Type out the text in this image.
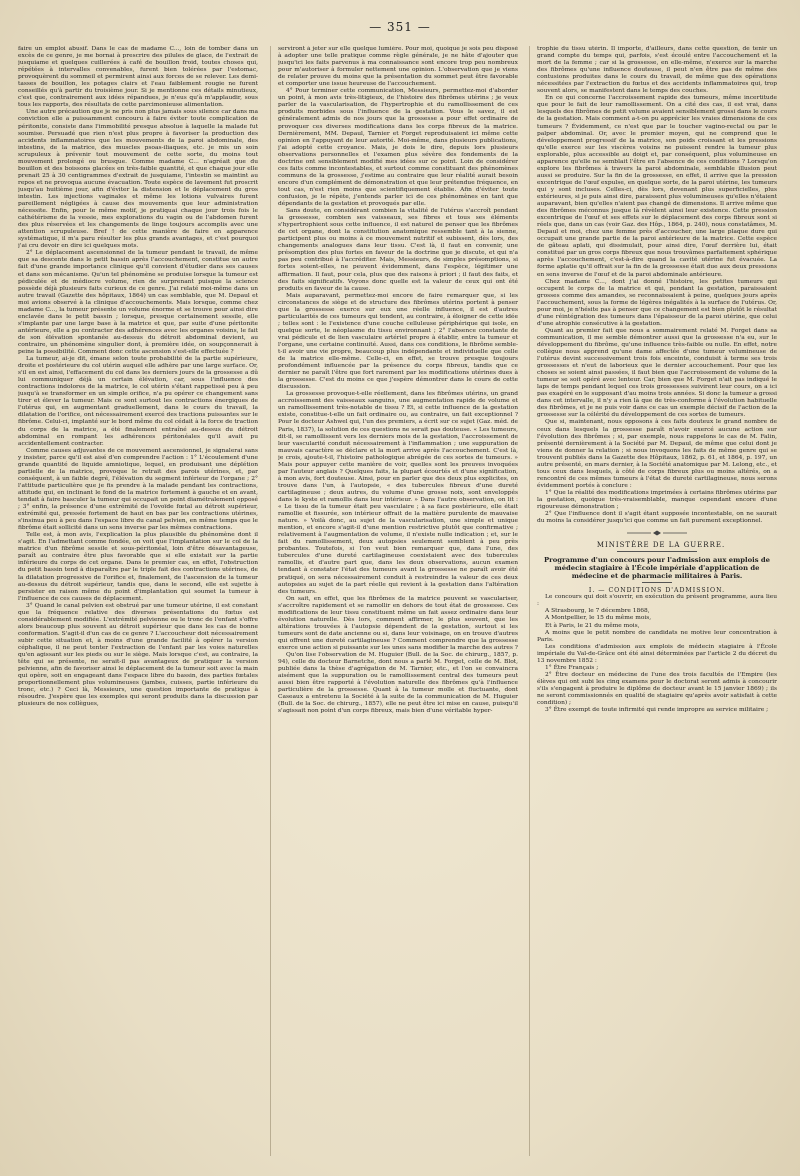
— 351 —

faire un emploi abusif. Dans le cas de madame C..., loin de tomber dans un excès de ce genre, je me bornai à prescrire des pilules de glace, de l'extrait de jusquiame et quelques cuillerées à café de bouillon froid, toutes choses qui, répétées à intervalles convenables, furent bien tolérées par l'estomac, provoquèrent du sommeil et permirent ainsi aux forces de se relever. Les demi-tasses de bouillon, les potages clairs et l'eau faiblement rougie ne furent conseillés qu'à partir du troisième jour. Si je mentionne ces détails minutieux, c'est que, contrairement aux idées répandues, je n'eus qu'à m'applaudir, sous tous les rapports, des résultats de cette parcimonieuse alimentation.

Une autre précaution que je ne pris non plus jamais sous silence car dans ma conviction elle a puissamment concouru à faire éviter toute complication de péritonite, consiste dans l'immobilité presque absolue à laquelle la malade fut soumise. Persuadé que rien n'est plus propre à favoriser la production des accidents inflammatoires que les mouvements de la paroi abdominale, des intestins, de la matrice, des muscles psoas-iliaques, etc. je mis un soin scrupuleux à prévenir tout mouvement de cette sorte, du moins tout mouvement prolongé ou brusque. Comme madame C... n'agréait que du bouillon et des boissons glacées en très-faible quantité, et que chaque jour elle prenait 25 à 30 centigrammes d'extrait de jusquiame, l'intestin se maintint au repos et ne provoqua aucune évacuation. Toute espèce de lavement fut proscrit jusqu'au huitième jour, afin d'éviter la distension et le déplacement du gros intestin. Les injections vaginales et même les lotions vulvaires furent pareillement négligées à cause des mouvements que leur administration nécessite. Enfin, pour le même motif, je pratiquai chaque jour trois fois le cathétérisme de la vessie, mes explorations du vagin ou de l'abdomen furent des plus réservées et les changements de linge toujours accomplis avec une attention scrupuleuse. Bref ! de cette manière de faire en apparence systématique, il m'a paru résulter les plus grands avantages, et c'est pourquoi j'ai cru devoir en dire ici quelques mots.

2° Le déplacement ascensionnel de la tumeur pendant le travail, de même que sa descente dans le petit bassin après l'accouchement, constitue un autre fait d'une grande importance clinique qu'il convient d'étudier dans ses causes et dans son mécanisme. Qu'un tel phénomène se produise lorsque la tumeur est pédiculée et de médiocre volume, rien de surprenant puisque la science possède déjà plusieurs faits curieux de ce genre. J'ai relaté moi-même dans un autre travail (Gazette des hôpitaux, 1864) un cas semblable, que M. Depaul et moi avions observé à la clinique d'accouchements. Mais lorsque, comme chez madame C..., la tumeur présente un volume énorme et se trouve pour ainsi dire enclavée dans le petit bassin ; lorsque, presque certainement sessile, elle s'implante par une large base à la matrice et que, par suite d'une péritonite antérieure, elle a pu contracter des adhérences avec les organes voisins, le fait de son élévation spontanée au-dessus du détroit abdominal devient, au contraire, un phénomène singulier dont, à première idée, on soupçonnerait à peine la possibilité. Comment donc cette ascension s'est-elle effectuée ?

La tumeur, ai-je dit, émane selon toute probabilité de la partie supérieure, droite et postérieure du col utérin auquel elle adhère par une large surface. Or, s'il en est ainsi, l'effacement du col dans les derniers jours de la grossesse a dû lui communiquer déjà un certain élévation, car, sous l'influence des contractions indolores de la matrice, le col utérin s'étant rappetissé peu à peu jusqu'à se transformer en un simple orifice, n'a pu opérer ce changement sans tirer et élever la tumeur. Mais ce sont surtout les contractions énergiques de l'utérus qui, en augmentant graduellement, dans le cours du travail, la dilatation de l'orifice, ont nécessairement exercé des tractions puissantes sur le fibrôme. Celui-ci, implanté sur le bord même du col cédait à la force de traction du corps de la matrice, a été finalement entraîné au-dessus du détroit abdominal en rompant les adhérences péritonéales qu'il avait pu accidentellement contracter.

Comme causes adjuvantes de ce mouvement ascensionnel, je signalerai sans y insister, parce qu'il est aisé d'en comprendre l'action : 1° L'écoulement d'une grande quantité de liquide amniotique, lequel, en produisant une déplétion partielle de la matrice, provoque le retrait des parois utérines, et, par conséquent, à un faible degré, l'élévation du segment inférieur de l'organe ; 2° l'attitude particulière que je fis prendre à la malade pendant les contractions, attitude qui, en inclinant le fond de la matrice fortement à gauche et en avant, tendait à faire basculer la tumeur qui occupait un point diamétralement opposé ; 3° enfin, la présence d'une extrémité de l'ovoïde fœtal au détroit supérieur, extrémité qui, pressée fortement de haut en bas par les contractions utérines, s'insinua peu à peu dans l'espace libre du canal pelvien, en même temps que le fibrôme était sollicité dans un sens inverse par les mêmes contractions.

Telle est, à mon avis, l'explication la plus plausible du phénomène dont il s'agit. En l'admettant comme fondée, on voit que l'implantation sur le col de la matrice d'un fibrôme sessile et sous-péritonéal, loin d'être désavantageuse, paraît au contraire être plus favorable que si elle existait sur la partie inférieure du corps de cet organe. Dans le premier cas, en effet, l'obstruction du petit bassin tend à disparaître par le triple fait des contractions utérines, de la dilatation progressive de l'orifice et, finalement, de l'ascension de la tumeur au-dessus du détroit supérieur, tandis que, dans le second, elle est sujette à persister en raison même du point d'implantation qui soumet la tumeur à l'influence de ces causes de déplacement.

3° Quand le canal pelvien est obstrué par une tumeur utérine, il est constant que la fréquence relative des diverses présentations du fœtus est considérablement modifiée. L'extrémité pelvienne ou le tronc de l'enfant s'offre alors beaucoup plus souvent au détroit supérieur que dans les cas de bonne conformation. S'agit-il d'un cas de ce genre ? L'accoucheur doit nécessairement subir cette situation et, à moins d'une grande facilité à opérer la version céphalique, il ne peut tenter l'extraction de l'enfant par les voies naturelles qu'en agissant sur les pieds ou sur le siège. Mais lorsque c'est, au contraire, la tête qui se présente, ne serait-il pas avantageux de pratiquer la version pelvienne, afin de favoriser ainsi le déplacement de la tumeur soit avec la main qui opère, soit en engageant dans l'espace libre du bassin, des parties fœtales proportionnellement plus volumineuses (jambes, cuisses, partie inférieure du tronc, etc.) ? Ceci là, Messieurs, une question importante de pratique à résoudre. J'espère que les exemples qui seront produits dans la discussion par plusieurs de nos collègues,

serviront à jeter sur elle quelque lumière. Pour moi, quoique je sois peu disposé à adopter une telle pratique comme règle générale, je ne hâte d'ajouter que jusqu'ici les faits parvenus à ma connaissance sont encore trop peu nombreux pour m'autoriser à formuler nettement une opinion. L'observation que je viens de relater prouve du moins que la présentation du sommet peut être favorable et comporter une issue heureuse de l'accouchement.

4° Pour terminer cette communication, Messieurs, permettez-moi d'aborder un point, à mon avis très-litigieux, de l'histoire des fibrômes utérins ; je veux parler de la vascularisation, de l'hypertrophie et du ramollissement de ces produits morbides sous l'influence de la gestation. Vous le savez, il est généralement admis de nos jours que la grossesse a pour effet ordinaire de provoquer ces diverses modifications dans les corps fibreux de la matrice. Dernièrement, MM. Depaul, Tarnier et Forget reproduisaient ici même cette opinion en l'appuyant de leur autorité. Moi-même, dans plusieurs publications, j'ai adopté cette croyance. Mais, je dois le dire, depuis lors plusieurs observations personnelles et l'examen plus sévère des fondements de la doctrine ont sensiblement modifié mes idées sur ce point. Loin de considérer ces faits comme incontestables, et surtout comme constituant des phénomènes communs de la grossesse, j'estime au contraire que leur réalité aurait besoin encore d'un complément de démonstration et que leur prétendue fréquence, en tout cas, n'est rien moins que scientifiquement établie. Afin d'éviter toute confusion, je le répète, j'entends parler ici de ces phénomènes en tant que dépendants de la gestation et provoqués par elle.

Sans doute, en considérant combien la vitalité de l'utérus s'accroît pendant la grossesse, combien ses vaisseaux, ses fibres et tous ses éléments s'hypertrophient sous cette influence, il est naturel de penser que les fibrômes de cet organe, dont la constitution anatomique ressemble tant à la sienne, participent plus ou moins à ce mouvement nutritif et subissent, dès lors, des changements analogues dans leur tissu. C'est là, il faut en convenir, une présomption des plus fortes en faveur de la doctrine que je discute, et qui n'a pas peu contribué à l'accréditer. Mais, Messieurs, de simples présomptions, si fortes soient-elles, ne peuvent évidemment, dans l'espèce, légitimer une affirmation. Il faut, pour cela, plus que des raisons à priori ; il faut des faits, et des faits significatifs. Voyons donc quelle est la valeur de ceux qui ont été produits en faveur de la cause.

Mais auparavant, permettez-moi encore de faire remarquer que, si les circonstances de siège et de structure des fibrômes utérins portent à penser que la grossesse exerce sur eux une réelle influence, il est d'autres particularités de ces tumeurs qui tendent, au contraire, à éloigner de cette idée ; telles sont : le l'existence d'une couche celluleuse périphérique qui isole, en quelque sorte, le néoplasme du tissu environnant ; 2° l'absence constante de vrai pédicule et de lien vasculaire artériel propre à établir, entre la tumeur et l'organe, une certaine continuité. Aussi, dans ces conditions, le fibrôme semble-t-il avoir une vie propre, beaucoup plus indépendante et individuelle que celle de la matrice elle-même. Celle-ci, en effet, se trouve presque toujours profondément influencée par la présence du corps fibreux, tandis que ce dernier ne paraît l'être que fort rarement par les modifications utérines dues à la grossesse. C'est du moins ce que j'espère démontrer dans le cours de cette discussion.

La grossesse provoque-t-elle réellement, dans les fibrômes utérins, un grand accroissement des vaisseaux sanguins, une augmentation rapide de volume et un ramollissement très-notable de tissu ? Et, si cette influence de la gestation existe, constitue-t-elle un fait ordinaire ou, au contraire, un fait exceptionnel ? Pour le docteur Ashwel qui, l'un des premiers, a écrit sur ce sujet (Gaz. méd. de Paris, 1837), la solution de ces questions ne serait pas douteuse. « Les tumeurs, dit-il, se ramollissent vers les derniers mois de la gestation, l'accroissement de leur vascularité conduit nécessairement à l'inflammation ; une suppuration de mauvais caractère se déclare et la mort arrive après l'accouchement. C'est là, je crois, ajoute-t-il, l'histoire pathologique abrégée de ces sortes de tumeurs. » Mais pour appuyer cette manière de voir, quelles sont les preuves invoquées par l'auteur anglais ? Quelques faits, la plupart écourtés et d'une signification, à mon avis, fort douteuse. Ainsi, pour en parler que des deux plus explicites, on trouve dans l'un, à l'autopsie, « des tubercules fibreux d'une dureté cartilagineuse ; deux autres, du volume d'une grosse noix, sont enveloppés dans le kyste et ramollis dans leur intérieur. » Dans l'autre observation, on lit : « Le tissu de la tumeur était peu vasculaire ; à sa face postérieure, elle était ramollie et fissurée, son intérieur offrait de la matière purulente de mauvaise nature. » Voilà donc, au sujet de la vascularisation, une simple et unique mention, et encore s'agit-il d'une mention restrictive plutôt que confirmative ; relativement à l'augmentation de volume, il n'existe nulle indication ; et, sur le fait du ramollissement, deux autopsies seulement semblent à peu près probantes. Toutefois, si l'on veut bien remarquer que, dans l'une, des tubercules d'une dureté cartilagineuse coexistaient avec des tubercules ramollis, et d'autre part que, dans les deux observations, aucun examen tendant à constater l'état des tumeurs avant la grossesse ne paraît avoir été pratiqué, on sera nécessairement conduit à restreindre la valeur de ces deux autopsies au sujet de la part réelle qui revient à la gestation dans l'altération des tumeurs.

On sait, en effet, que les fibrômes de la matrice peuvent se vasculariser, s'accroître rapidement et se ramollir en dehors de tout état de grossesse. Ces modifications de leur tissu constituent même un fait assez ordinaire dans leur évolution naturelle. Dès lors, comment affirmer, le plus souvent, que les altérations trouvées à l'autopsie dépendent de la gestation, surtout si les tumeurs sont de date ancienne ou si, dans leur voisinage, on en trouve d'autres qui offrent une dureté cartilagineuse ? Comment comprendre que la grossesse exerce une action si puissante sur les unes sans modifier la marche des autres ?

Qu'on lise l'observation de M. Huguier (Bull. de la Soc. de chirurg., 1857, p. 94), celle du docteur Barnetche, dont nous a parlé M. Forget, celle de M. Blot, publiée dans la thèse d'agrégation de M. Tarnier, etc., et l'on se convaincra aisément que la suppuration ou le ramollissement central des tumeurs peut aussi bien être rapporté à l'évolution naturelle des fibrômes qu'à l'influence particulière de la grossesse. Quant à la tumeur molle et fluctuante, dont Caseaux a entretenu la Société à la suite de la communication de M. Huguier (Bull. de la Soc. de chirurg., 1857), elle ne peut être ici mise en cause, puisqu'il s'agissait non point d'un corps fibreux, mais bien d'une véritable hyper-

trophie du tissu utérin. Il importe, d'ailleurs, dans cette question, de tenir un grand compte du temps qui, parfois, s'est écoulé entre l'accouchement et la mort de la femme ; car si la grossesse, en elle-même, n'exerce sur la marche des fibrômes qu'une influence douteuse, il peut n'en être pas de même des contusions produites dans le cours du travail, de même que des opérations nécessitées par l'extraction du fœtus et des accidents inflammatoires qui, trop souvent alors, se manifestent dans le temps des couches.

En ce qui concerne l'accroissement rapide des tumeurs, même incertitude que pour le fait de leur ramollissement. On a cité des cas, il est vrai, dans lesquels des fibrômes de petit volume avaient sensiblement grossi dans le cours de la gestation. Mais comment a-t-on pu apprécier les vraies dimensions de ces tumeurs ? Évidemment, ce n'est que par le toucher vagino-rectal ou par le palper abdominal. Or, avec le premier moyen, qui ne comprend que le développement progressif de la matrice, son poids croissant et les pressions qu'elle exerce sur les viscères voisins ne puissent rendre la tumeur plus explorable, plus accessible au doigt et, par conséquent, plus volumineuse en apparence qu'elle ne semblait l'être en l'absence de ces conditions ? Lorsqu'on explore les fibrômes à travers la paroi abdominale, semblable illusion peut aussi se produire. Sur la fin de la grossesse, en effet, il arrive que la pression excentrique de l'œuf expulse, en quelque sorte, de la paroi utérine, les tumeurs qui y sont incluses. Celles-ci, dès lors, devenant plus superficielles, plus extérieures, si je puis ainsi dire, paraissent plus volumineuses qu'elles n'étaient auparavant, bien qu'elles n'aient pas changé de dimensions. Il arrive même que des fibrômes méconnus jusque là révèlent ainsi leur existence. Cette pression excentrique de l'œuf et ses effets sur le déplacement des corps fibreux sont si réels que, dans un cas (voir Gaz. des Hôp., 1864, p. 240), nous constatâmes, M. Depaul et moi, chez une femme près d'accoucher, une large plaque dure qui occupait une grande partie de la paroi antérieure de la matrice. Cette espèce de gâteau aplati, qui dissimulait, pour ainsi dire, l'œuf derrière lui, était constitué par un gros corps fibreux que nous trouvâmes parfaitement sphérique après l'accouchement, c'est-à-dire quand la cavité utérine fut évacuée. La forme aplatie qu'il offrait sur la fin de la grossesse était due aux deux pressions en sens inverse de l'œuf et de la paroi abdominale antérieure.

Chez madame C..., dont j'ai donné l'histoire, les petites tumeurs qui occupent le corps de la matrice et qui, pendant la gestation, paraissaient grosses comme des amandes, se reconnaissaient à peine, quelques jours après l'accouchement, sous la forme de légères inégalités à la surface de l'utérus. Or, pour moi, je n'hésite pas à penser que ce changement est bien plutôt le résultat d'une réintégration des tumeurs dans l'épaisseur de la paroi utérine, que celui d'une atrophie consécutive à la gestation.

Quant au premier fait que nous a sommairement relaté M. Forget dans sa communication, il me semble démontrer aussi que la grossesse n'a eu, sur le développement du fibrôme, qu'une influence très-faible ou nulle. En effet, notre collègue nous apprend qu'une dame affectée d'une tumeur volumineuse de l'utérus devint successivement trois fois enceinte, conduisit à terme ses trois grossesses et n'eut de laborieux que le dernier accouchement. Pour que les choses se soient ainsi passées, il faut bien que l'accroissement de volume de la tumeur se soit opéré avec lenteur. Car, bien que M. Forget n'ait pas indiqué le laps de temps pendant lequel ces trois grossesses suivirent leur cours, on a ici pas exagéré en le supposant d'au moins trois années. Si donc la tumeur a grossi dans cet intervalle, il n'y a rien là que de très-conforme à l'évolution habituelle des fibrômes, et je ne puis voir dans ce cas un exemple décisif de l'action de la grossesse sur la célérité du développement de ces sortes de tumeurs.

Que si, maintenant, nous opposons à ces faits douteux le grand nombre de ceux dans lesquels la grossesse paraît n'avoir exercé aucune action sur l'évolution des fibrômes ; si, par exemple, nous rappelons le cas de M. Falin, présenté dernièrement à la Société par M. Depaul, de même que celui dont je viens de donner la relation ; si nous invoquons les faits de même genre qui se trouvent publiés dans la Gazette des Hôpitaux, 1862, p. 61, et 1864, p. 197, un autre présenté, en mars dernier, à la Société anatomique par M. Lelong, etc., et tous ceux dans lesquels, à côté de corps fibreux plus ou moins altérés, on a rencontré de ces mêmes tumeurs à l'état de dureté cartilagineuse, nous serons évidemment portés à conclure :

1° Que la réalité des modifications imprimées à certains fibrômes utérins par la gestation, quoique très-vraisemblable, manque cependant encore d'une rigoureuse démonstration ;

2° Que l'influence dont il s'agit étant supposée incontestable, on ne saurait du moins la considérer jusqu'ici que comme un fait purement exceptionnel.

MINISTÈRE DE LA GUERRE.

Programme d'un concours pour l'admission aux emplois de médecin stagiaire à l'École impériale d'application de médecine et de pharmacie militaires à Paris.

I. — CONDITIONS D'ADMISSION.

Le concours qui doit s'ouvrir, en exécution du présent programme, aura lieu :

A Strasbourg, le 7 décembre 1868,

A Montpellier, le 15 du même mois,

Et à Paris, le 21 du même mois,

A moins que le petit nombre de candidats ne motive leur concentration à Paris.

Les conditions d'admission aux emplois de médecin stagiaire à l'École impériale du Val-de-Grâce ont été ainsi déterminées par l'article 2 du décret du 13 novembre 1852 :

1° Être Français ;

2° Être docteur en médecine de l'une des trois facultés de l'Empire (les élèves qui ont subi les cinq examens pour le doctorat seront admis à concourir s'ils s'engagent à produire le diplôme de docteur avant le 15 janvier 1869) ; ils ne seront commissionnés en qualité de stagiaire qu'après avoir satisfait à cette condition) ;

3° Être exempt de toute infirmité qui rende impropre au service militaire ;
